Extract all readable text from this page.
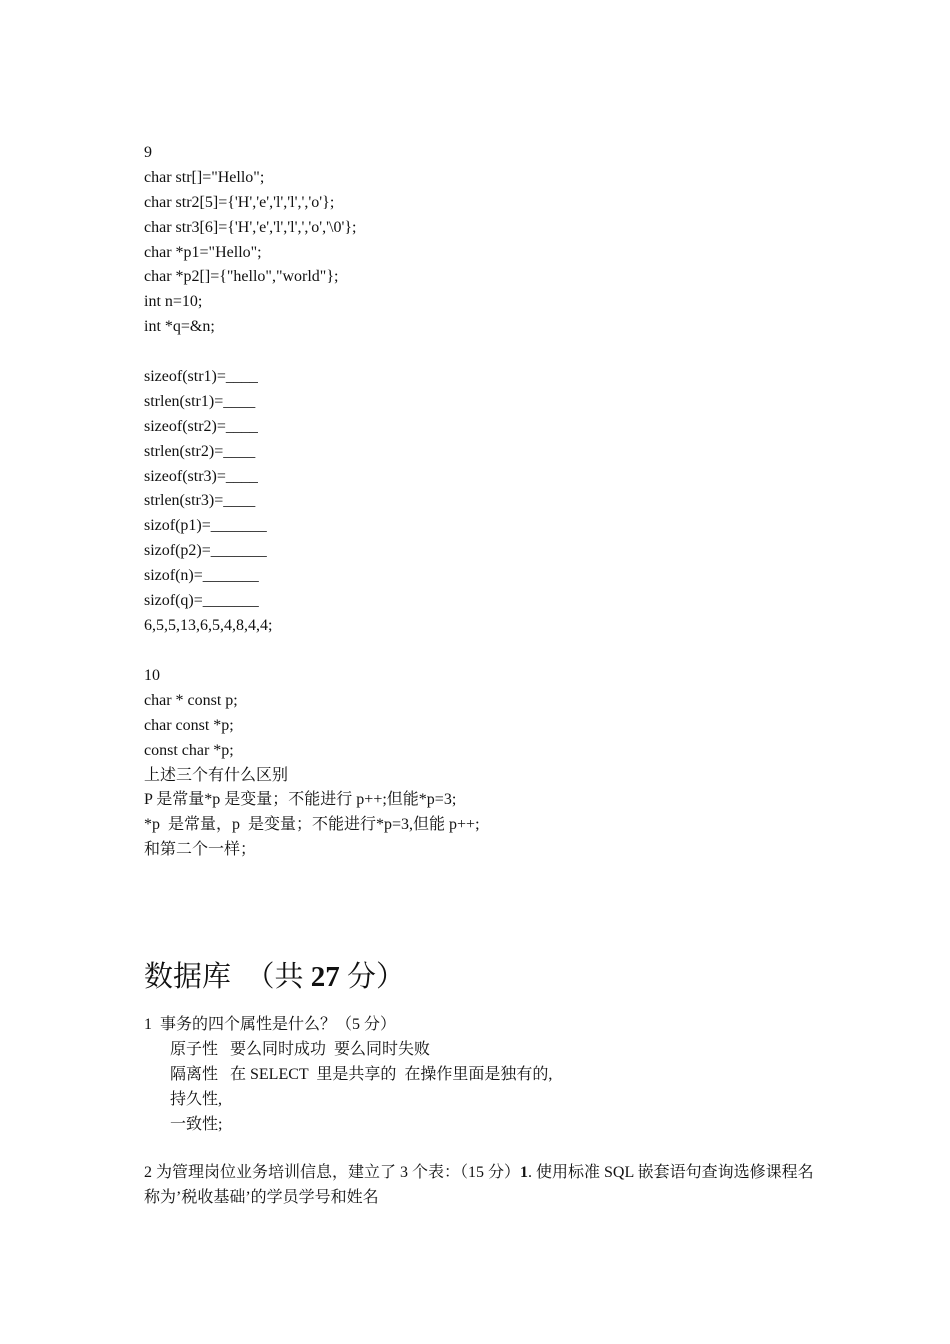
9
char str[]="Hello";
char str2[5]={'H','e','l','l',','o'};
char str3[6]={'H','e','l','l',','o','\0'};
char *p1="Hello";
char *p2[]={"hello","world"};
int n=10;
int *q=&n;
sizeof(str1)=____
strlen(str1)=____
sizeof(str2)=____
strlen(str2)=____
sizeof(str3)=____
strlen(str3)=____
sizof(p1)=_______
sizof(p2)=_______
sizof(n)=_______
sizof(q)=_______
6,5,5,13,6,5,4,8,4,4;
10
char * const p;
char const *p;
const char *p;
上述三个有什么区别
P 是常量*p 是变量；不能进行 p++;但能*p=3;
*p  是常量，p  是变量；不能进行*p=3,但能 p++;
和第二个一样；
数据库  （共 27 分）
1  事务的四个属性是什么？（5 分）
原子性   要么同时成功  要么同时失败
隔离性   在 SELECT  里是共享的  在操作里面是独有的,
持久性,
一致性;
2 为管理岗位业务培训信息，建立了 3 个表：（15 分）1. 使用标准 SQL 嵌套语句查询选修课程名称为’税收基础’的学员学号和姓名
